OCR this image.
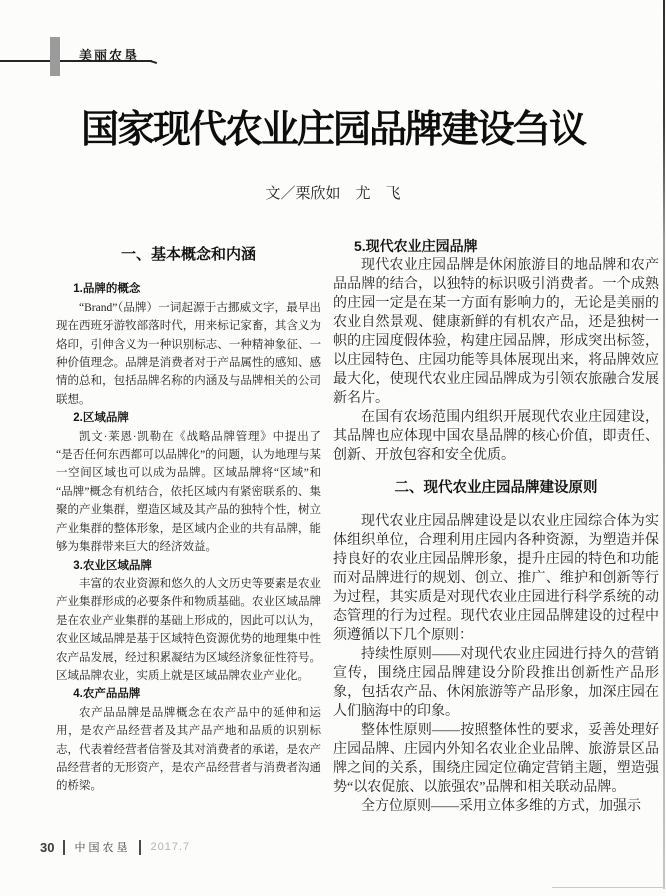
美丽农垦
国家现代农业庄园品牌建设刍议
文／栗欣如　尤　飞
一、基本概念和内涵
1.品牌的概念

“Brand”（品牌）一词起源于古挪威文字，最早出现在西班牙游牧部落时代，用来标记家畜，其含义为烙印，引伸含义为一种识别标志、一种精神象征、一种价值理念。品牌是消费者对于产品属性的感知、感情的总和，包括品牌名称的内涵及与品牌相关的公司联想。

2.区域品牌

凯文·莱恩·凯勒在《战略品牌管理》中提出了“是否任何东西都可以品牌化”的问题，认为地理与某一空间区域也可以成为品牌。区域品牌将“区域”和“品牌”概念有机结合，依托区域内有紧密联系的、集聚的产业集群，塑造区域及其产品的独特个性，树立产业集群的整体形象，是区域内企业的共有品牌，能够为集群带来巨大的经济效益。

3.农业区域品牌

丰富的农业资源和悠久的人文历史等要素是农业产业集群形成的必要条件和物质基础。农业区域品牌是在农业产业集群的基础上形成的，因此可以认为，农业区域品牌是基于区域特色资源优势的地理集中性农产品发展，经过积累凝结为区域经济象征性符号。区域品牌农业，实质上就是区域品牌农业产业化。

4.农产品品牌

农产品品牌是品牌概念在农产品中的延伸和运用，是农产品经营者及其产品产地和品质的识别标志，代表着经营者信誉及其对消费者的承诺，是农产品经营者的无形资产，是农产品经营者与消费者沟通的桥梁。

5.现代农业庄园品牌

现代农业庄园品牌是休闲旅游目的地品牌和农产品品牌的结合，以独特的标识吸引消费者。一个成熟的庄园一定是在某一方面有影响力的，无论是美丽的农业自然景观、健康新鲜的有机农产品，还是独树一帜的庄园度假体验，构建庄园品牌，形成突出标签，以庄园特色、庄园功能等具体展现出来，将品牌效应最大化，使现代农业庄园品牌成为引领农旅融合发展新名片。

在国有农场范围内组织开展现代农业庄园建设，其品牌也应体现中国农垦品牌的核心价值，即责任、创新、开放包容和安全优质。

二、现代农业庄园品牌建设原则

现代农业庄园品牌建设是以农业庄园综合体为实体组织单位，合理利用庄园内各种资源，为塑造并保持良好的农业庄园品牌形象，提升庄园的特色和功能而对品牌进行的规划、创立、推广、维护和创新等行为过程，其实质是对现代农业庄园进行科学系统的动态管理的行为过程。现代农业庄园品牌建设的过程中须遵循以下几个原则：

持续性原则——对现代农业庄园进行持久的营销宣传，围绕庄园品牌建设分阶段推出创新性产品形象，包括农产品、休闲旅游等产品形象，加深庄园在人们脑海中的印象。

整体性原则——按照整体性的要求，妥善处理好庄园品牌、庄园内外知名农业企业品牌、旅游景区品牌之间的关系，围绕庄园定位确定营销主题，塑造强势“以农促旅、以旅强农”品牌和相关联动品牌。

全方位原则——采用立体多维的方式，加强示

30 中国农垦 2017.7
